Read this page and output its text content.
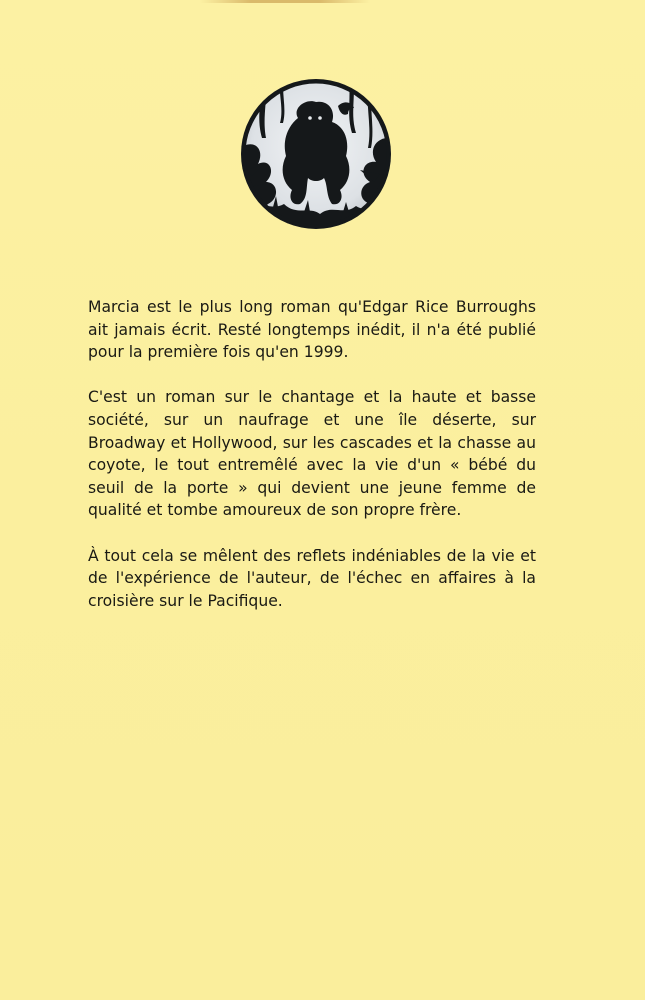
Marcia est le plus long roman qu'Edgar Rice Burroughs ait jamais écrit. Resté longtemps inédit, il n'a été publié pour la première fois qu'en 1999.

C'est un roman sur le chantage et la haute et basse société, sur un naufrage et une île déserte, sur Broadway et Hollywood, sur les cascades et la chasse au coyote, le tout entremêlé avec la vie d'un « bébé du seuil de la porte » qui devient une jeune femme de qualité et tombe amoureux de son propre frère.

À tout cela se mêlent des reflets indéniables de la vie et de l'expérience de l'auteur, de l'échec en affaires à la croisière sur le Pacifique.
